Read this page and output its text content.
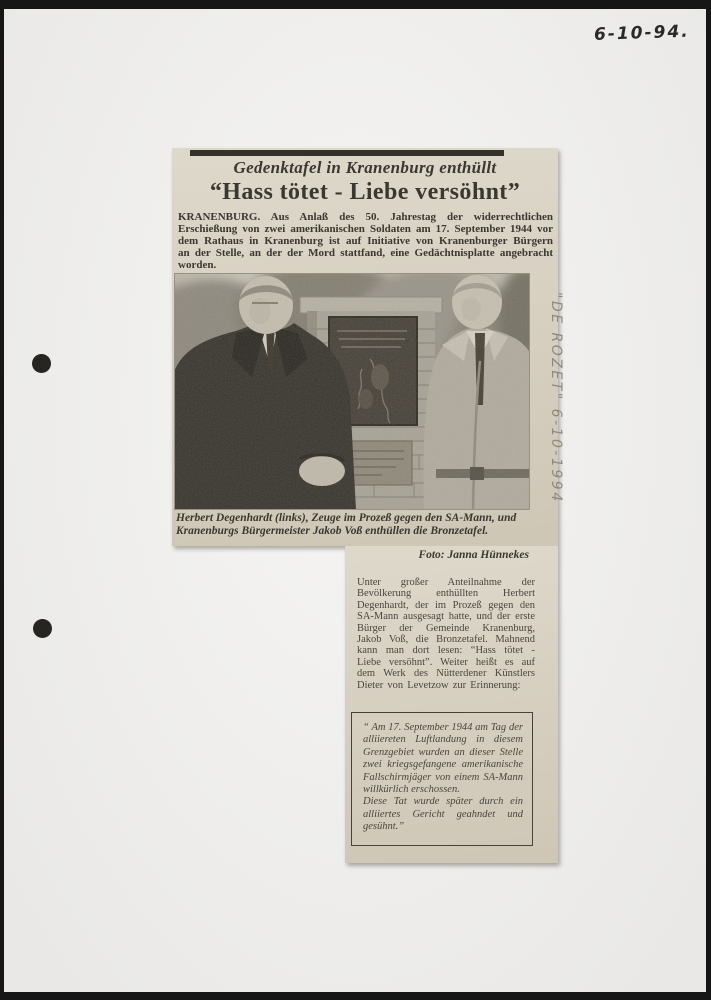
6-10-94.
Gedenktafel in Kranenburg enthüllt
“Hass tötet - Liebe versöhnt”
KRANENBURG. Aus Anlaß des 50. Jahrestag der widerrechtlichen Erschießung von zwei amerikanischen Soldaten am 17. September 1944 vor dem Rathaus in Kranenburg ist auf Initiative von Kranenburger Bürgern an der Stelle, an der der Mord stattfand, eine Gedächtnisplatte angebracht worden.
Herbert Degenhardt (links), Zeuge im Prozeß gegen den SA-Mann, und Kranenburgs Bürgermeister Jakob Voß enthüllen die Bronzetafel.
Foto: Janna Hünnekes
Unter großer Anteilnahme der Bevölkerung enthüllten Herbert Degenhardt, der im Prozeß gegen den SA-Mann ausgesagt hatte, und der erste Bürger der Gemeinde Kranenburg, Jakob Voß, die Bronzetafel. Mahnend kann man dort lesen: “Hass tötet - Liebe versöhnt”. Weiter heißt es auf dem Werk des Nütterdener Künstlers Dieter von Levetzow zur Erinnerung:

“ Am 17. September 1944 am Tag der alliiereten Luftlandung in diesem Grenzgebiet wurden an dieser Stelle zwei kriegsgefangene amerikanische Fallschirmjäger von einem SA-Mann willkürlich erschossen.

Diese Tat wurde später durch ein alliiertes Gericht geahndet und gesühnt.”

"DE ROZET" 6-10-1994
